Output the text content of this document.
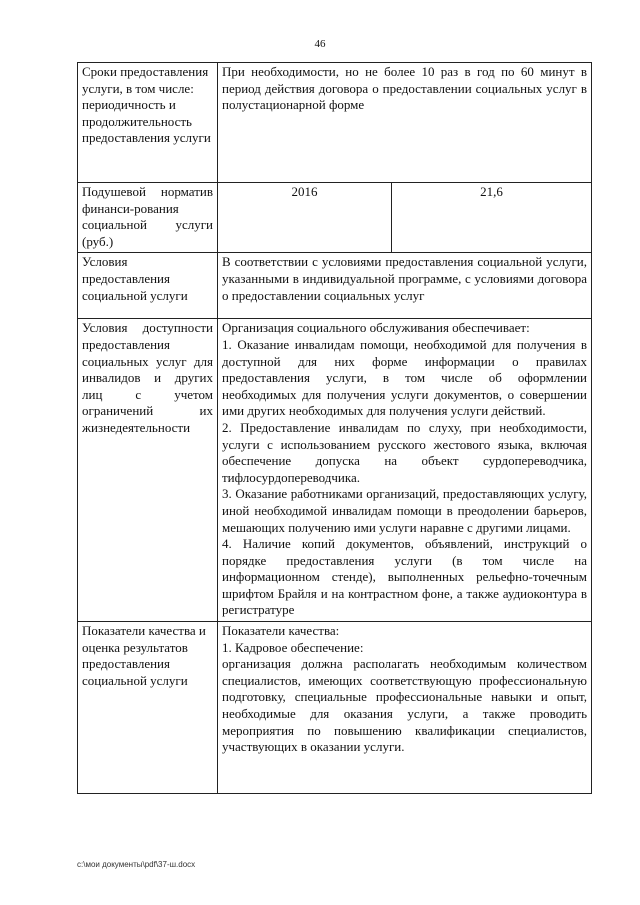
46
Сроки предоставления услуги, в том числе: периодичность и продолжительность предоставления услуги	При необходимости, но не более 10 раз в год по 60 минут в период действия договора о предоставлении социальных услуг в полустационарной форме	

Подушевой норматив финанси-рования социальной услуги (руб.)	2016	21,6
Условия предоставления социальной услуги	В соответствии с условиями предоставления социальной услуги, указанными в индивидуальной программе, с условиями договора о предоставлении социальных услуг	

Условия доступности предоставления социальных услуг для инвалидов и других лиц с учетом ограничений их жизнедеятельности	Организация социального обслуживания обеспечивает:
1. Оказание инвалидам помощи, необходимой для получения в доступной для них форме информации о правилах предоставления услуги, в том числе об оформлении необходимых для получения услуги документов, о совершении ими других необходимых для получения услуги действий.
2. Предоставление инвалидам по слуху, при необходимости, услуги с использованием русского жестового языка, включая обеспечение допуска на объект сурдопереводчика, тифлосурдопереводчика.
3. Оказание работниками организаций, предоставляющих услугу, иной необходимой инвалидам помощи в преодолении барьеров, мешающих получению ими услуги наравне с другими лицами.
4. Наличие копий документов, объявлений, инструкций о порядке предоставления услуги (в том числе на информационном стенде), выполненных рельефно-точечным шрифтом Брайля и на контрастном фоне, а также аудиоконтура в регистратуре	

Показатели качества и оценка результатов предоставления социальной услуги	Показатели качества:
1. Кадровое обеспечение:
организация должна располагать необходимым количеством специалистов, имеющих соответствующую профессиональную подготовку, специальные профессиональные навыки и опыт, необходимые для оказания услуги, а также проводить мероприятия по повышению квалификации специалистов, участвующих в оказании услуги.	
c:\мои документы\pdf\37-ш.docx
